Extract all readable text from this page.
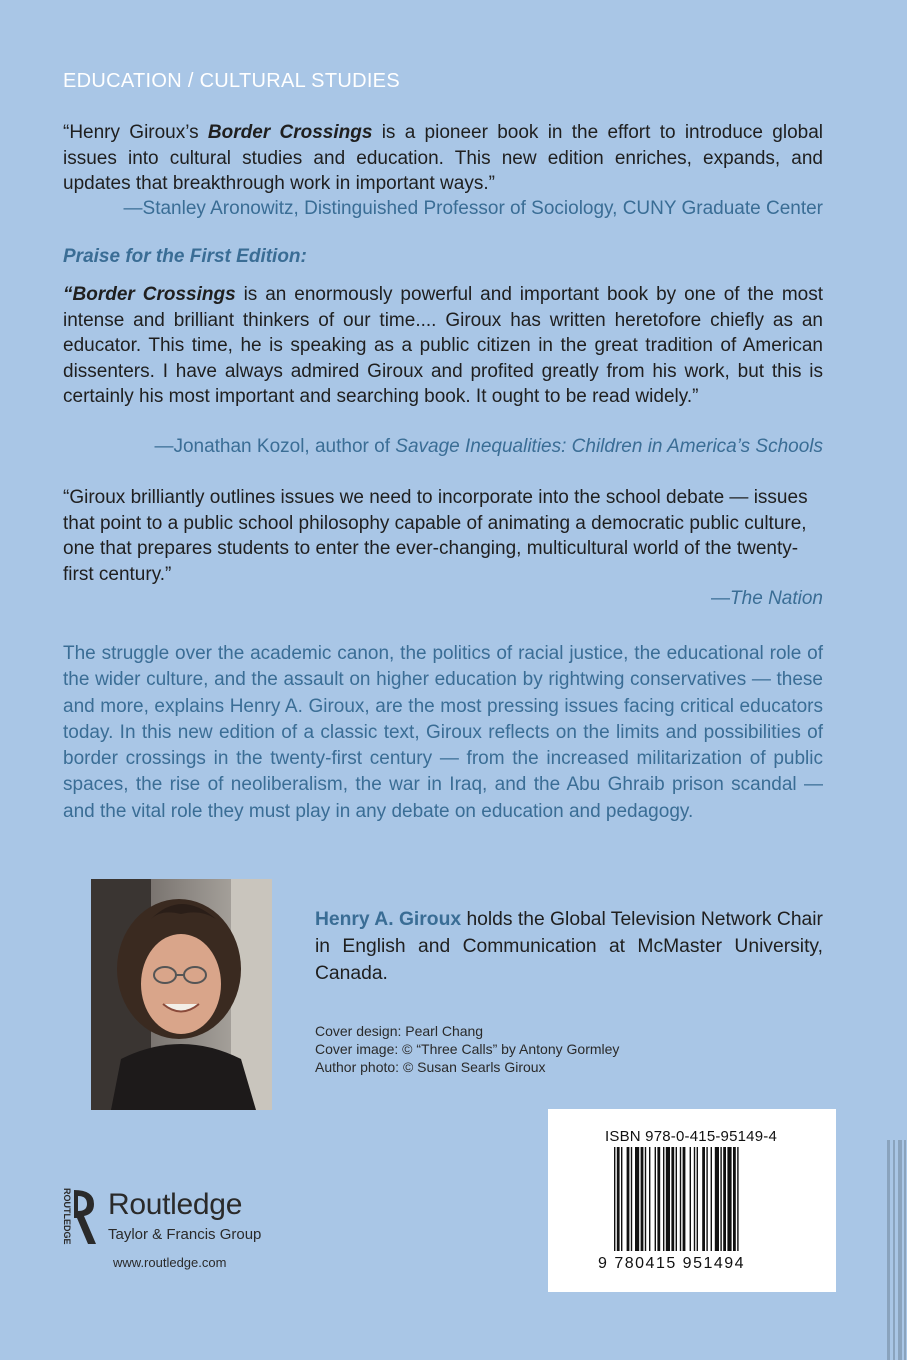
EDUCATION / CULTURAL STUDIES
“Henry Giroux’s Border Crossings is a pioneer book in the effort to introduce global issues into cultural studies and education. This new edition enriches, expands, and updates that breakthrough work in important ways.”
—Stanley Aronowitz, Distinguished Professor of Sociology, CUNY Graduate Center
Praise for the First Edition:
“Border Crossings is an enormously powerful and important book by one of the most intense and brilliant thinkers of our time.... Giroux has written heretofore chiefly as an educator. This time, he is speaking as a public citizen in the great tradition of American dissenters. I have always admired Giroux and profited greatly from his work, but this is certainly his most important and searching book. It ought to be read widely.”
—Jonathan Kozol, author of Savage Inequalities: Children in America’s Schools
“Giroux brilliantly outlines issues we need to incorporate into the school debate — issues that point to a public school philosophy capable of animating a democratic public culture, one that prepares students to enter the ever-changing, multicultural world of the twenty-first century.”
—The Nation
The struggle over the academic canon, the politics of racial justice, the educational role of the wider culture, and the assault on higher education by rightwing conservatives — these and more, explains Henry A. Giroux, are the most pressing issues facing critical educators today. In this new edition of a classic text, Giroux reflects on the limits and possibilities of border crossings in the twenty-first century — from the increased militarization of public spaces, the rise of neoliberalism, the war in Iraq, and the Abu Ghraib prison scandal — and the vital role they must play in any debate on education and pedagogy.
Henry A. Giroux holds the Global Television Network Chair in English and Communication at McMaster University, Canada.
Cover design: Pearl Chang
Cover image: © “Three Calls” by Antony Gormley
Author photo: © Susan Searls Giroux
ROUTLEDGE Routledge
Taylor & Francis Group
www.routledge.com
ISBN 978-0-415-95149-4
9 780415 951494
